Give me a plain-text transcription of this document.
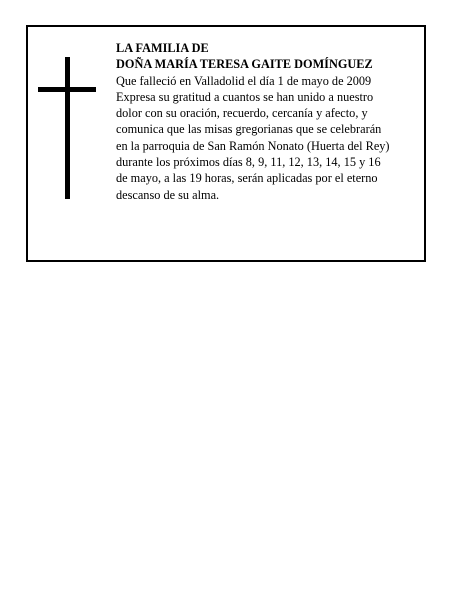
LA FAMILIA DE

DOÑA MARÍA TERESA GAITE DOMÍNGUEZ

Que falleció en Valladolid el día 1 de mayo de 2009

Expresa su gratitud a cuantos se han unido a nuestro

dolor con su oración, recuerdo, cercanía y afecto, y

comunica que las misas gregorianas que se celebrarán

en la parroquia de San Ramón Nonato (Huerta del Rey)

durante los próximos días 8, 9, 11, 12, 13, 14, 15 y 16

de mayo, a las 19 horas, serán aplicadas por el eterno

descanso de su alma.
